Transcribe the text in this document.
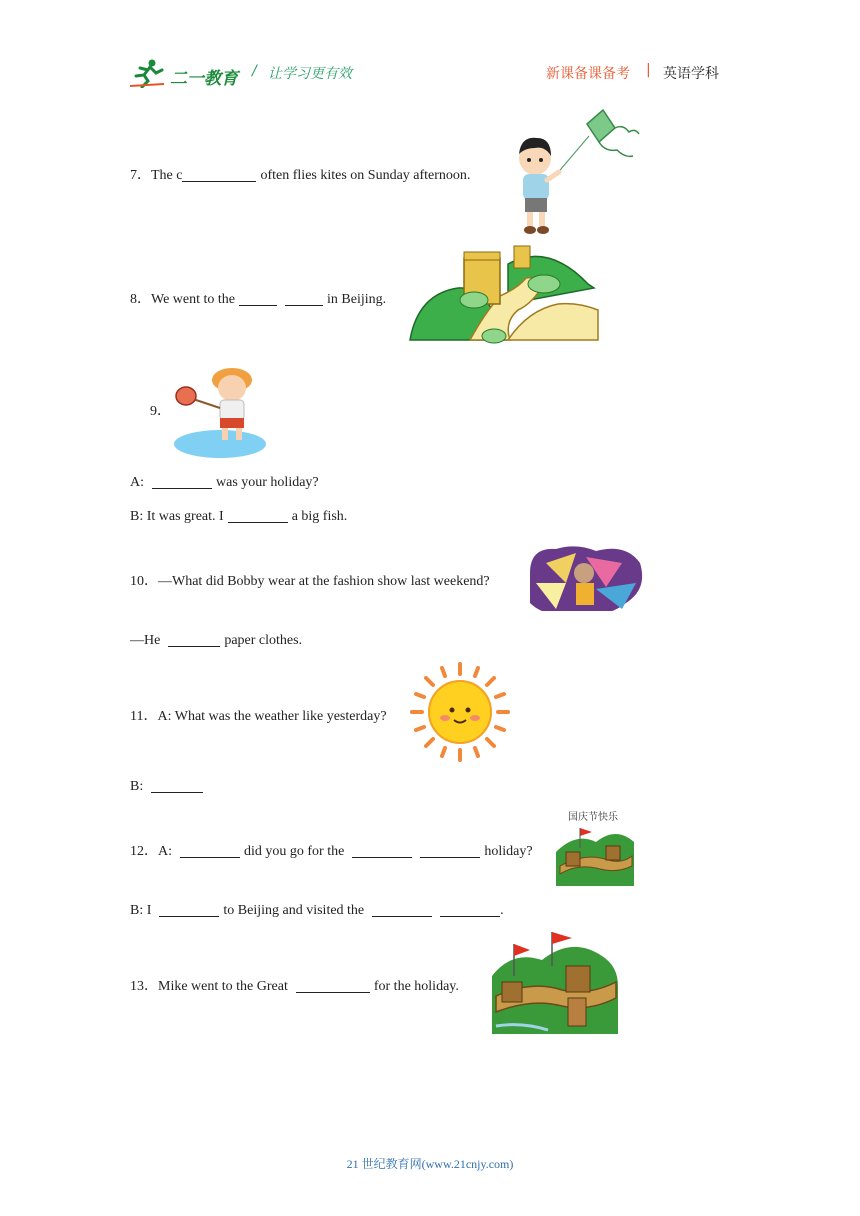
二一教育 / 让学习更有效	新课备课备考 | 英语学科
7．The c	often flies kites on Sunday afternoon.
8．We went to the	in Beijing.
9．
A:	was your holiday?
B: It was great. I	a big fish.
10．—What did Bobby wear at the fashion show last weekend?
—He	paper clothes.
11．A: What was the weather like yesterday?
B:
国庆节快乐
12．A:	did you go for the	holiday?
B: I	to Beijing and visited the	.
13．Mike went to the Great	for the holiday.
21 世纪教育网(www.21cnjy.com)
